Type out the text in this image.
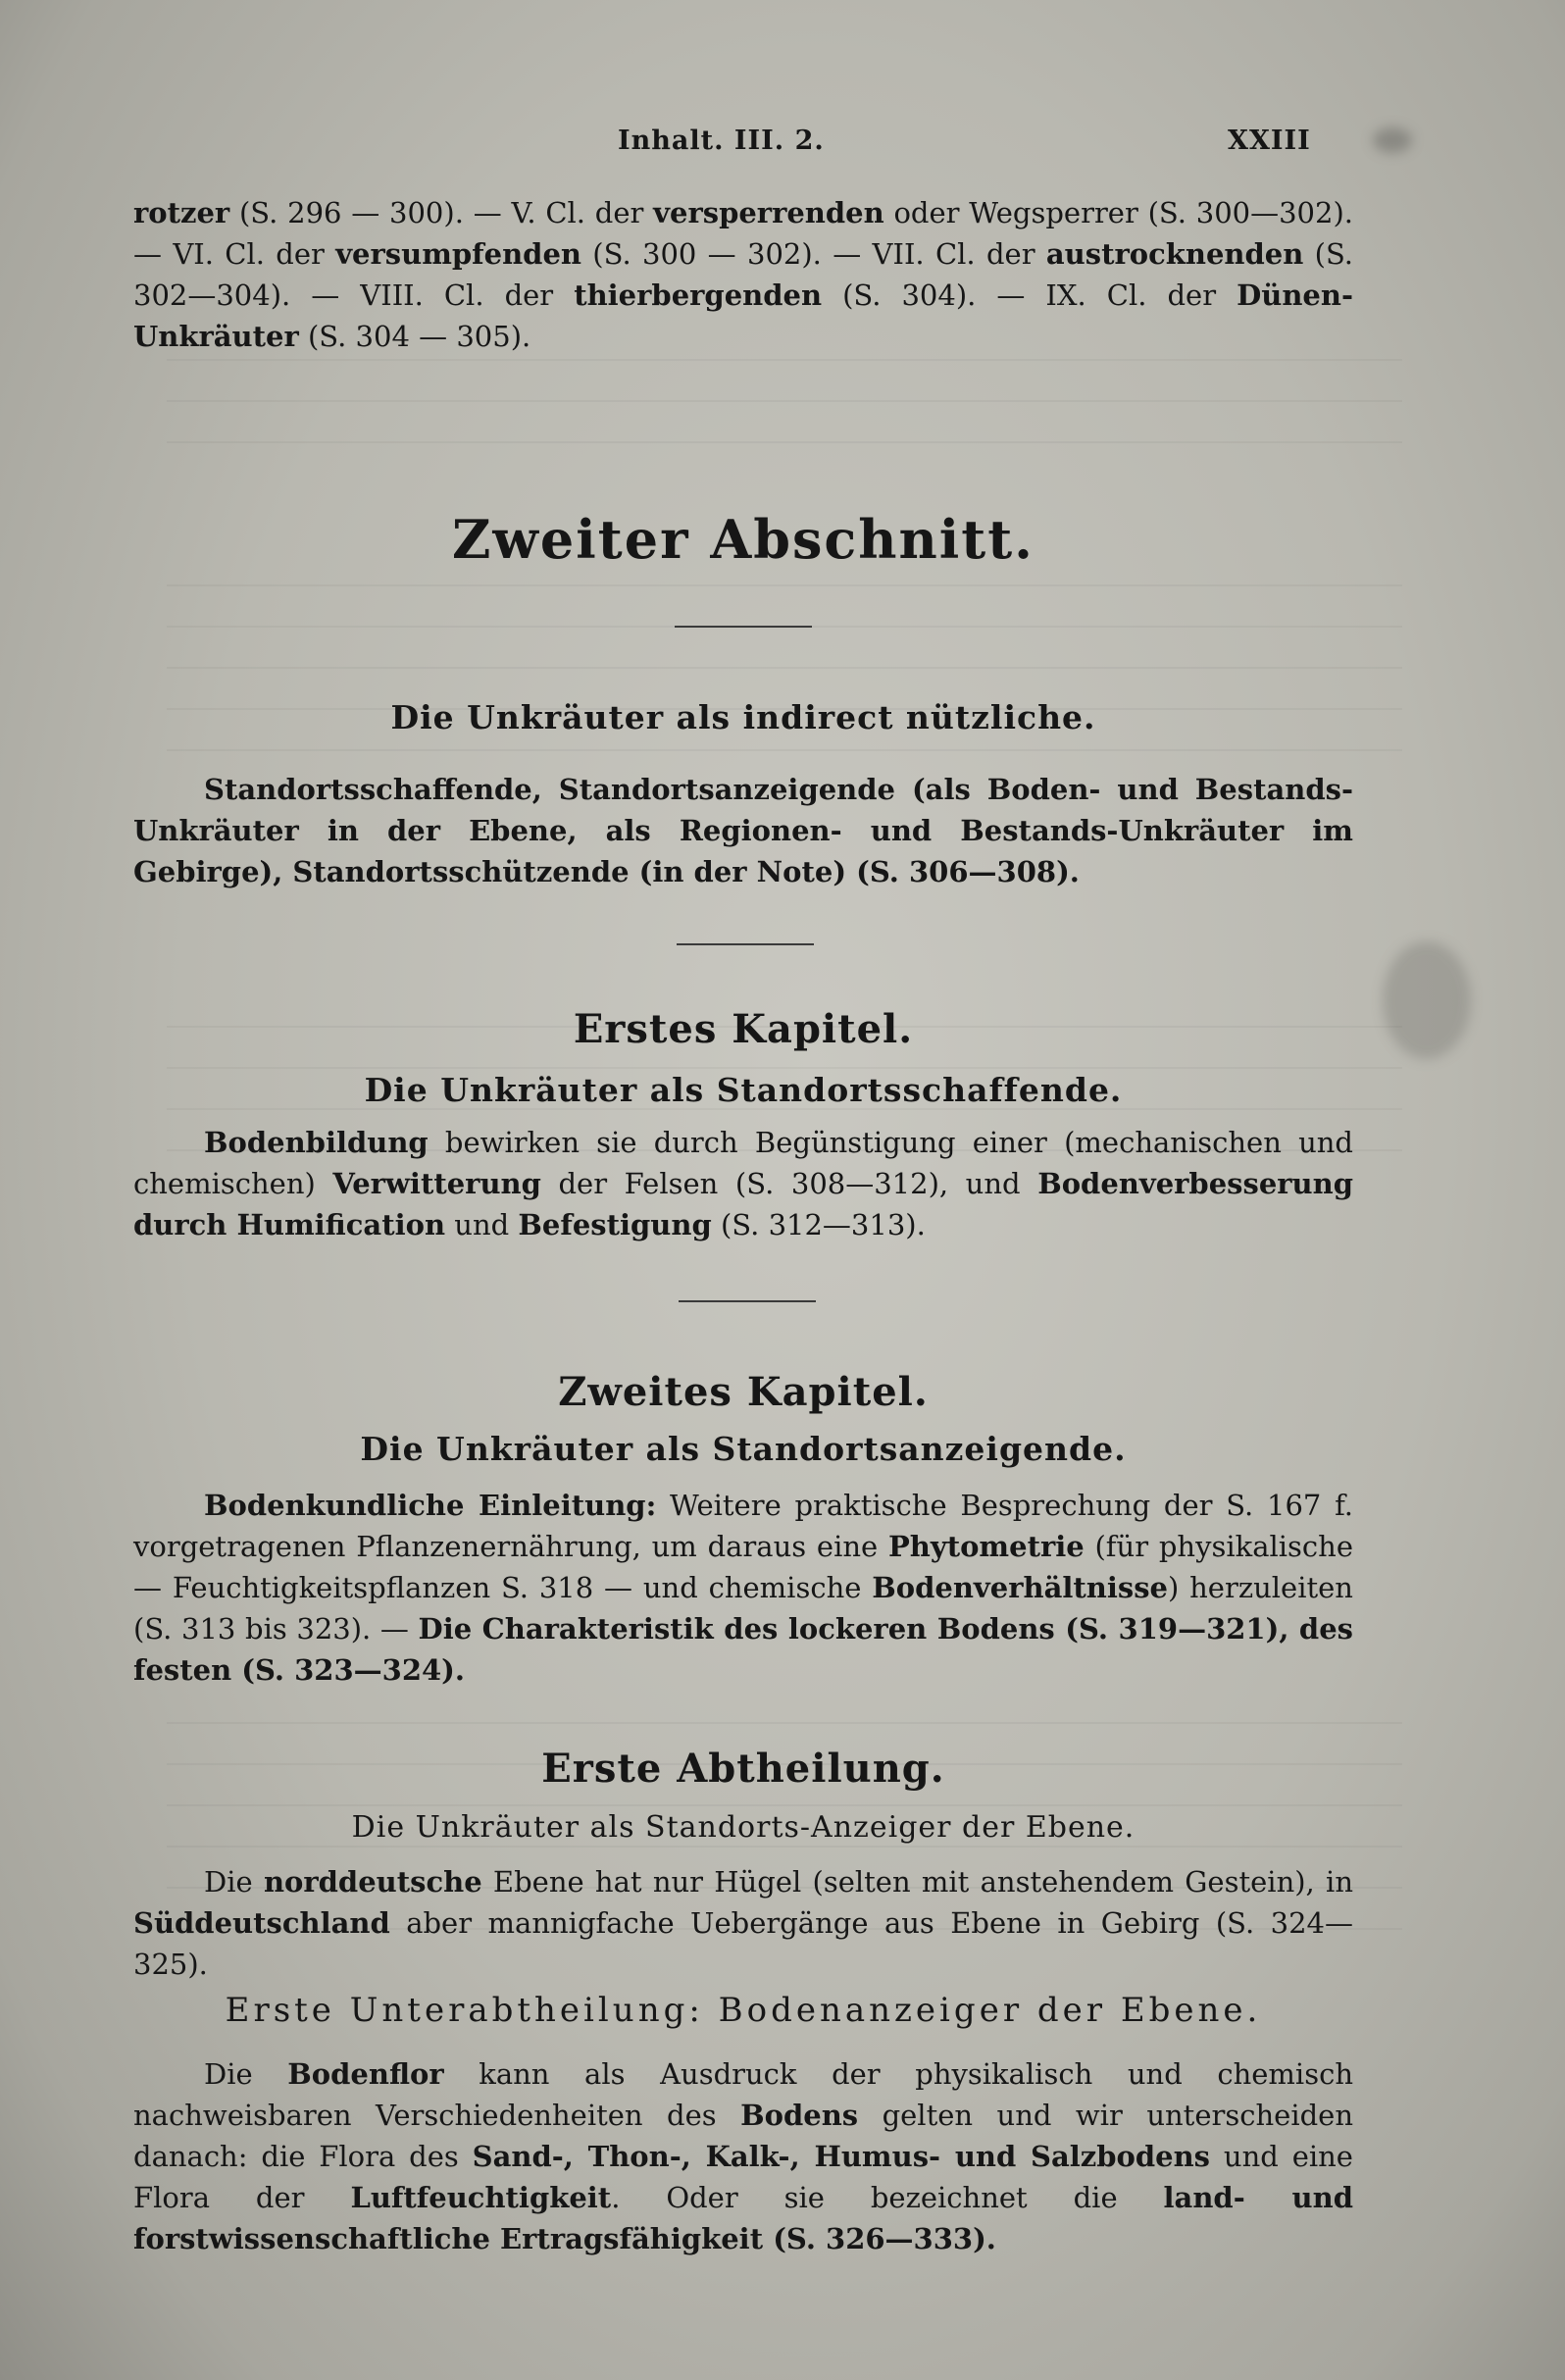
Inhalt. III. 2.	XXIII
rotzer (S. 296 — 300). — V. Cl. der versperrenden oder Wegsperrer (S. 300—302). — VI. Cl. der versumpfenden (S. 300 — 302). — VII. Cl. der austrocknenden (S. 302—304). — VIII. Cl. der thierbergenden (S. 304). — IX. Cl. der Dünen-Unkräuter (S. 304 — 305).
Zweiter Abschnitt.
Die Unkräuter als indirect nützliche.
Standortsschaffende, Standortsanzeigende (als Boden- und Bestands-Unkräuter in der Ebene, als Regionen- und Bestands-Unkräuter im Gebirge), Standortsschützende (in der Note) (S. 306—308).
Erstes Kapitel.
Die Unkräuter als Standortsschaffende.
Bodenbildung bewirken sie durch Begünstigung einer (mechanischen und chemischen) Verwitterung der Felsen (S. 308—312), und Bodenverbesserung durch Humification und Befestigung (S. 312—313).
Zweites Kapitel.
Die Unkräuter als Standortsanzeigende.
Bodenkundliche Einleitung: Weitere praktische Besprechung der S. 167 f. vorgetragenen Pflanzenernährung, um daraus eine Phytometrie (für physikalische — Feuchtigkeitspflanzen S. 318 — und chemische Bodenverhältnisse) herzuleiten (S. 313 bis 323). — Die Charakteristik des lockeren Bodens (S. 319—321), des festen (S. 323—324).
Erste Abtheilung.
Die Unkräuter als Standorts-Anzeiger der Ebene.
Die norddeutsche Ebene hat nur Hügel (selten mit anstehendem Gestein), in Süddeutschland aber mannigfache Uebergänge aus Ebene in Gebirg (S. 324—325).
Erste Unterabtheilung: Bodenanzeiger der Ebene.
Die Bodenflor kann als Ausdruck der physikalisch und chemisch nachweisbaren Verschiedenheiten des Bodens gelten und wir unterscheiden danach: die Flora des Sand-, Thon-, Kalk-, Humus- und Salzbodens und eine Flora der Luftfeuchtigkeit. Oder sie bezeichnet die land- und forstwissenschaftliche Ertragsfähigkeit (S. 326—333).
